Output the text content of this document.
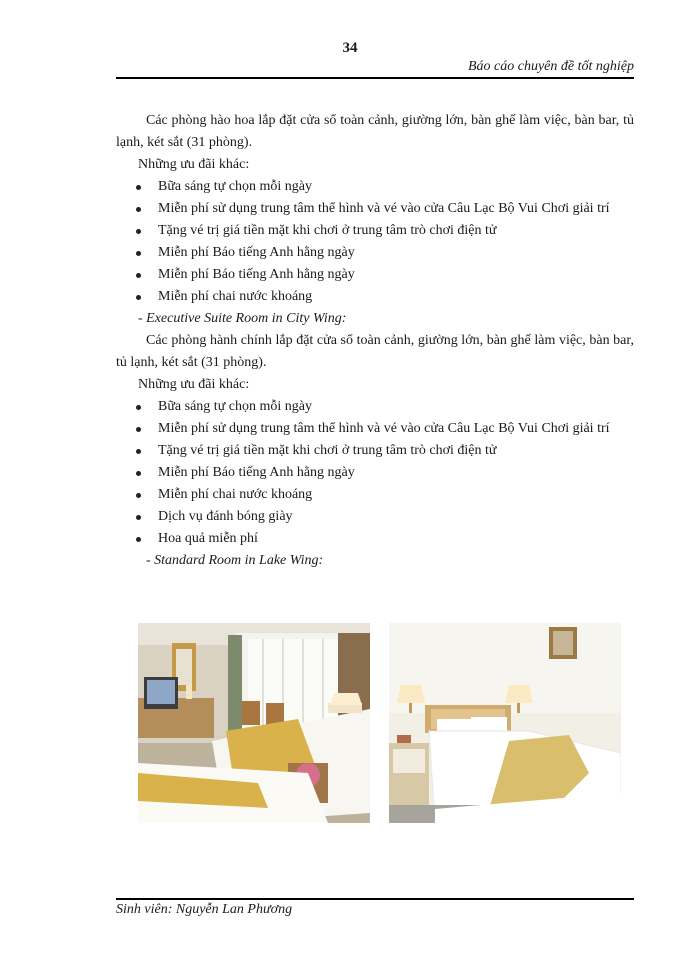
34
Báo cáo chuyên đề tốt nghiệp

Các phòng hào hoa lắp đặt cửa sổ toàn cảnh, giường lớn, bàn ghế làm việc, bàn bar, tủ lạnh, két sắt (31 phòng).

Những ưu đãi khác:

Bữa sáng tự chọn mỗi ngày
Miễn phí sử dụng trung tâm thể hình và vé vào cửa Câu Lạc Bộ Vui Chơi giải trí
Tặng vé trị giá tiền mặt khi chơi ở trung tâm trò chơi điện tử
Miễn phí Báo tiếng Anh hằng ngày
Miễn phí Báo tiếng Anh hằng ngày
Miễn phí chai nước khoáng

- Executive Suite Room in City Wing:

Các phòng hành chính lắp đặt cửa sổ toàn cảnh, giường lớn, bàn ghế làm việc, bàn bar, tủ lạnh, két sắt (31 phòng).

Những ưu đãi khác:

Bữa sáng tự chọn mỗi ngày
Miễn phí sử dụng trung tâm thể hình và vé vào cửa Câu Lạc Bộ Vui Chơi giải trí
Tặng vé trị giá tiền mặt khi chơi ở trung tâm trò chơi điện tử
Miễn phí Báo tiếng Anh hằng ngày
Miễn phí chai nước khoáng
Dịch vụ đánh bóng giày
Hoa quả miễn phí

- Standard Room in Lake Wing:

Sinh viên: Nguyễn Lan Phương
